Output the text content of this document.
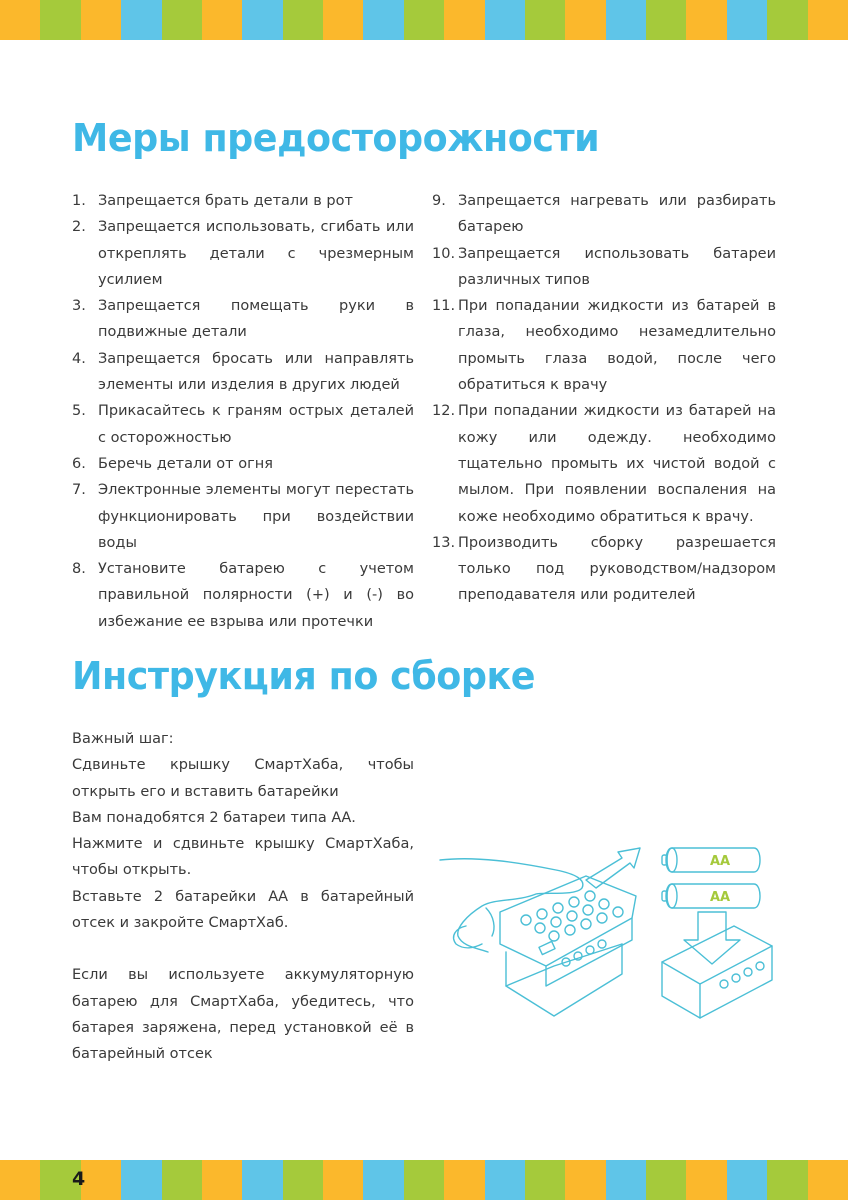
Меры предосторожности
1. Запрещается брать детали в рот
2. Запрещается использовать, сгибать или откреплять детали с чрезмерным усилием
3. Запрещается помещать руки в подвижные детали
4. Запрещается бросать или направлять элементы или изделия в других людей
5. Прикасайтесь к граням острых деталей с осторожностью
6. Беречь детали от огня
7. Электронные элементы могут перестать функционировать при воздействии воды
8. Установите батарею с учетом правильной полярности (+) и (-) во избежание ее взрыва или протечки
9. Запрещается нагревать или разбирать батарею
10. Запрещается использовать батареи различных типов
11. При попадании жидкости из батарей в глаза, необходимо незамедлительно промыть глаза водой, после чего обратиться к врачу
12. При попадании жидкости из батарей на кожу или одежду. необходимо тщательно промыть их чистой водой с мылом. При появлении воспаления на коже необходимо обратиться к врачу.
13. Производить сборку разрешается только под руководством/надзором преподавателя или родителей
Инструкция по сборке

Важный шаг:

Сдвиньте крышку СмартХаба, чтобы открыть его и вставить батарейки

Вам понадобятся 2 батареи типа АА.

Нажмите и сдвиньте крышку СмартХаба, чтобы открыть.

Вставьте 2 батарейки АА в батарейный отсек и закройте СмартХаб.

Если вы используете аккумуляторную батарею для СмартХаба, убедитесь, что батарея заряжена, перед установкой её в батарейный отсек

AA
AA
4
